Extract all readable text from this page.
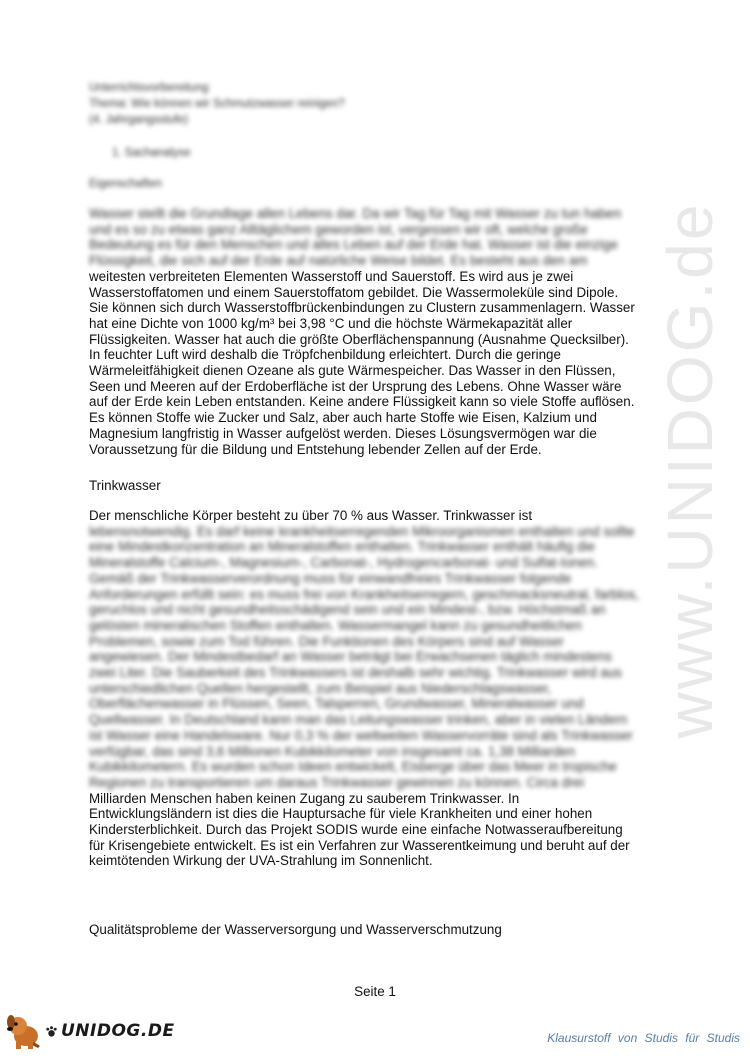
www.UNIDOG.de
Unterrichtsvorbereitung
Thema: Wie können wir Schmutzwasser reinigen?
(4. Jahrgangsstufe)
1. Sachanalyse
Eigenschaften
Wasser stellt die Grundlage allen Lebens dar. Da wir Tag für Tag mit Wasser zu tun haben
und es so zu etwas ganz Alltäglichem geworden ist, vergessen wir oft, welche große
Bedeutung es für den Menschen und alles Leben auf der Erde hat. Wasser ist die einzige
Flüssigkeit, die sich auf der Erde auf natürliche Weise bildet. Es besteht aus den am
weitesten verbreiteten Elementen Wasserstoff und Sauerstoff. Es wird aus je zwei
Wasserstoffatomen und einem Sauerstoffatom gebildet. Die Wassermoleküle sind Dipole.
Sie können sich durch Wasserstoffbrückenbindungen zu Clustern zusammenlagern. Wasser
hat eine Dichte von 1000 kg/m³ bei 3,98 °C und die höchste Wärmekapazität aller
Flüssigkeiten. Wasser hat auch die größte Oberflächenspannung (Ausnahme Quecksilber).
In feuchter Luft wird deshalb die Tröpfchenbildung erleichtert. Durch die geringe
Wärmeleitfähigkeit dienen Ozeane als gute Wärmespeicher. Das Wasser in den Flüssen,
Seen und Meeren auf der Erdoberfläche ist der Ursprung des Lebens. Ohne Wasser wäre
auf der Erde kein Leben entstanden. Keine andere Flüssigkeit kann so viele Stoffe auflösen.
Es können Stoffe wie Zucker und Salz, aber auch harte Stoffe wie Eisen, Kalzium und
Magnesium langfristig in Wasser aufgelöst werden. Dieses Lösungsvermögen war die
Voraussetzung für die Bildung und Entstehung lebender Zellen auf der Erde.
Trinkwasser
Der menschliche Körper besteht zu über 70 % aus Wasser. Trinkwasser ist
lebensnotwendig. Es darf keine krankheitserregenden Mikroorganismen enthalten und sollte
eine Mindestkonzentration an Mineralstoffen enthalten. Trinkwasser enthält häufig die
Mineralstoffe Calcium-, Magnesium-, Carbonat-, Hydrogencarbonat- und Sulfat-Ionen.
Gemäß der Trinkwasserverordnung muss für einwandfreies Trinkwasser folgende
Anforderungen erfüllt sein: es muss frei von Krankheitserregern, geschmacksneutral, farblos,
geruchlos und nicht gesundheitsschädigend sein und ein Mindest-, bzw. Höchstmaß an
gelösten mineralischen Stoffen enthalten. Wassermangel kann zu gesundheitlichen
Problemen, sowie zum Tod führen. Die Funktionen des Körpers sind auf Wasser
angewiesen. Der Mindestbedarf an Wasser beträgt bei Erwachsenen täglich mindestens
zwei Liter. Die Sauberkeit des Trinkwassers ist deshalb sehr wichtig. Trinkwasser wird aus
unterschiedlichen Quellen hergestellt, zum Beispiel aus Niederschlagswasser,
Oberflächenwasser in Flüssen, Seen, Talsperren, Grundwasser, Mineralwasser und
Quellwasser. In Deutschland kann man das Leitungswasser trinken, aber in vielen Ländern
ist Wasser eine Handelsware. Nur 0,3 % der weltweiten Wasservorräte sind als Trinkwasser
verfügbar, das sind 3,6 Millionen Kubikkilometer von insgesamt ca. 1,38 Milliarden
Kubikkilometern. Es wurden schon Ideen entwickelt, Eisberge über das Meer in tropische
Regionen zu transportieren um daraus Trinkwasser gewinnen zu können. Circa drei
Milliarden Menschen haben keinen Zugang zu sauberem Trinkwasser. In
Entwicklungsländern ist dies die Hauptursache für viele Krankheiten und einer hohen
Kindersterblichkeit. Durch das Projekt SODIS wurde eine einfache Notwasseraufbereitung
für Krisengebiete entwickelt. Es ist ein Verfahren zur Wasserentkeimung und beruht auf der
keimtötenden Wirkung der UVA-Strahlung im Sonnenlicht.
Qualitätsprobleme der Wasserversorgung und Wasserverschmutzung
Seite 1
UNIDOG.DE	Klausurstoff von Studis für Studis
